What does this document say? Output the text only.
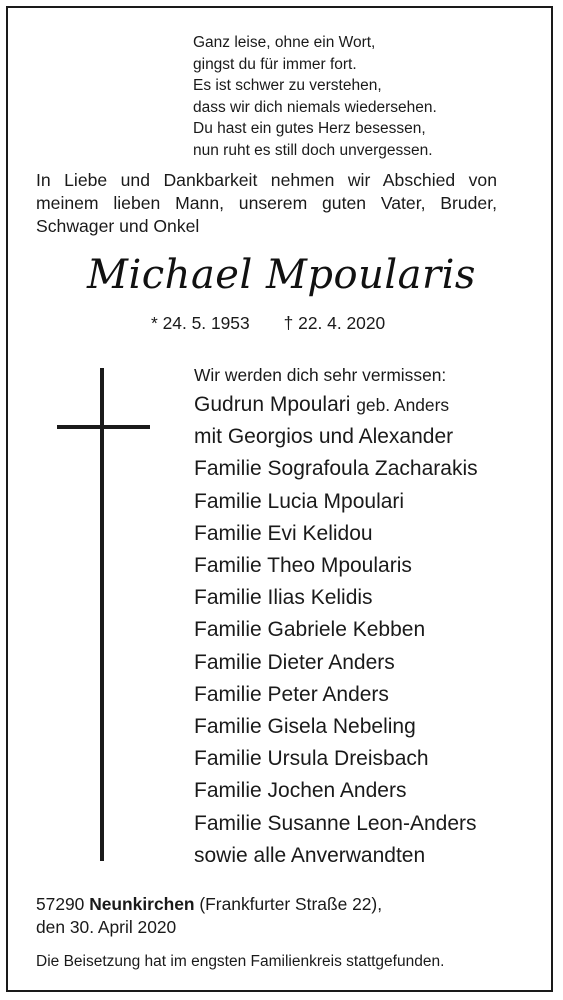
Ganz leise, ohne ein Wort,
gingst du für immer fort.
Es ist schwer zu verstehen,
dass wir dich niemals wiedersehen.
Du hast ein gutes Herz besessen,
nun ruht es still doch unvergessen.
In Liebe und Dankbarkeit nehmen wir Abschied von meinem lieben Mann, unserem guten Vater, Bruder, Schwager und Onkel
Michael Mpoularis
* 24. 5. 1953 † 22. 4. 2020
Wir werden dich sehr vermissen:
Gudrun Mpoulari geb. Anders
mit Georgios und Alexander
Familie Sografoula Zacharakis
Familie Lucia Mpoulari
Familie Evi Kelidou
Familie Theo Mpoularis
Familie Ilias Kelidis
Familie Gabriele Kebben
Familie Dieter Anders
Familie Peter Anders
Familie Gisela Nebeling
Familie Ursula Dreisbach
Familie Jochen Anders
Familie Susanne Leon-Anders
sowie alle Anverwandten
57290 Neunkirchen (Frankfurter Straße 22),
den 30. April 2020
Die Beisetzung hat im engsten Familienkreis stattgefunden.
